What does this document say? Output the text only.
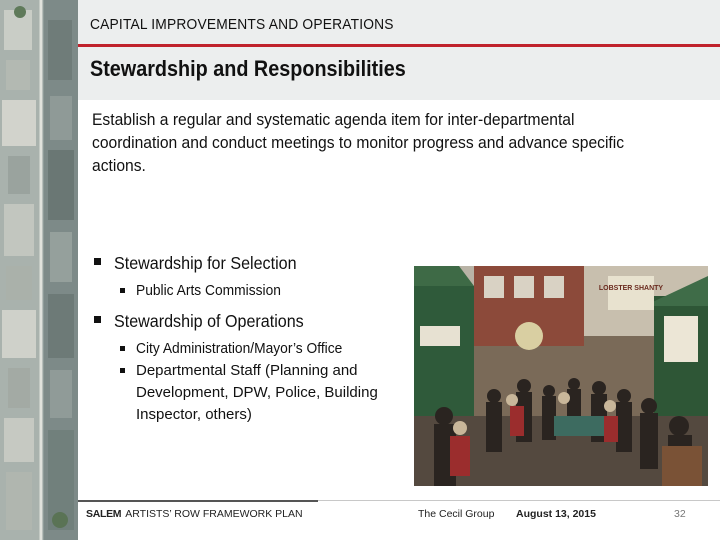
CAPITAL IMPROVEMENTS AND OPERATIONS
Stewardship and Responsibilities
Establish a regular and systematic agenda item for inter-departmental coordination and conduct meetings to monitor progress and advance specific actions.
Stewardship for Selection
Public Arts Commission
Stewardship of Operations
City Administration/Mayor’s Office
Departmental Staff (Planning and Development, DPW, Police, Building Inspector, others)
LOBSTER SHANTY
SALEM ARTISTS’ ROW FRAMEWORK PLAN	The Cecil Group August 13, 2015	32
